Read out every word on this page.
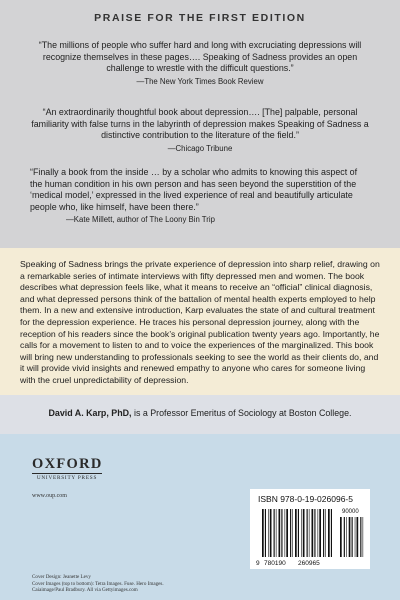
PRAISE FOR THE FIRST EDITION

“The millions of people who suffer hard and long with excruciating depressions will recognize themselves in these pages…. Speaking of Sadness provides an open challenge to wrestle with the difficult questions.”

—The New York Times Book Review

“An extraordinarily thoughtful book about depression…. [The] palpable, personal familiarity with false turns in the labyrinth of depression makes Speaking of Sadness a distinctive contribution to the literature of the field.”

—Chicago Tribune

“Finally a book from the inside … by a scholar who admits to knowing this aspect of the human condition in his own person and has seen beyond the superstition of the ‘medical model,’ expressed in the lived experience of real and beautifully articulate people who, like himself, have been there.”

—Kate Millett, author of The Loony Bin Trip

Speaking of Sadness brings the private experience of depression into sharp relief, drawing on a remarkable series of intimate interviews with fifty depressed men and women. The book describes what depression feels like, what it means to receive an “official” clinical diagnosis, and what depressed persons think of the battalion of mental health experts employed to help them. In a new and extensive introduction, Karp evaluates the state of and cultural treatment for the depression experience. He traces his personal depression journey, along with the reception of his readers since the book’s original publication twenty years ago. Importantly, he calls for a movement to listen to and to voice the experiences of the marginalized. This book will bring new understanding to professionals seeking to see the world as their clients do, and it will provide vivid insights and renewed empathy to anyone who cares for someone living with the cruel unpredictability of depression.

David A. Karp, PhD, is a Professor Emeritus of Sociology at Boston College.
OXFORD
UNIVERSITY PRESS
www.oup.com
Cover Design: Jeanette Levy
Cover Images (top to bottom): Tetra Images. Fuse. Hero Images.
Caiaimage/Paul Bradbury. All via Gettyimages.com
ISBN 978-0-19-026096-5
9 780190 260965
90000
